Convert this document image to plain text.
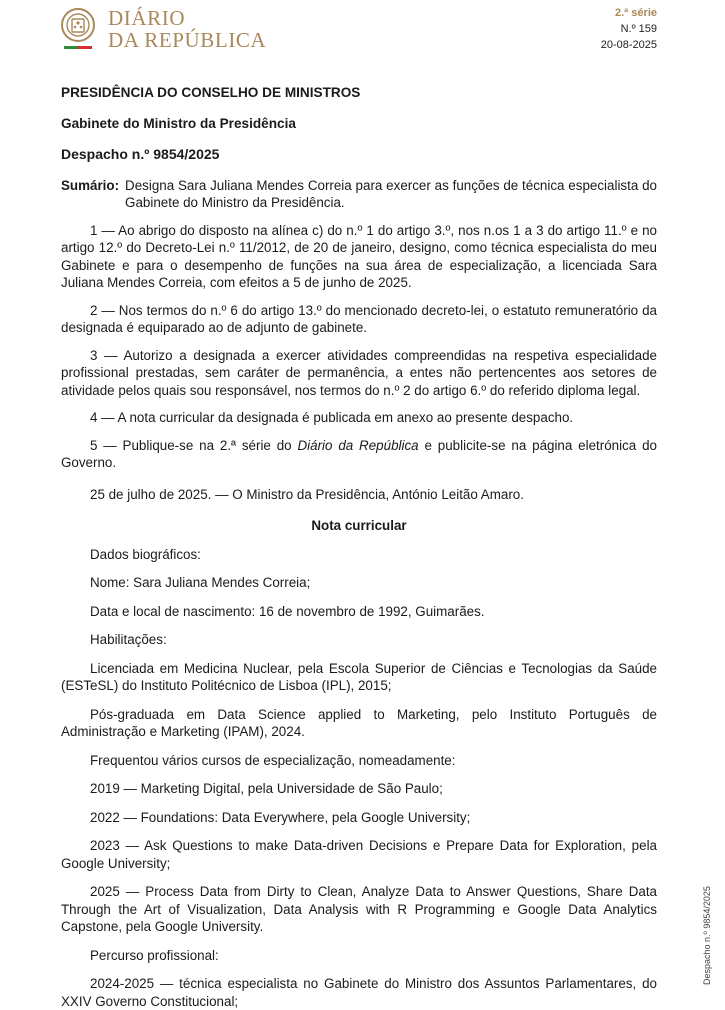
DIÁRIO
DA REPÚBLICA
2.ª série
N.º 159
20-08-2025
PRESIDÊNCIA DO CONSELHO DE MINISTROS
Gabinete do Ministro da Presidência
Despacho n.º 9854/2025
Sumário: Designa Sara Juliana Mendes Correia para exercer as funções de técnica especialista do Gabinete do Ministro da Presidência.

1 — Ao abrigo do disposto na alínea c) do n.º 1 do artigo 3.º, nos n.os 1 a 3 do artigo 11.º e no artigo 12.º do Decreto-Lei n.º 11/2012, de 20 de janeiro, designo, como técnica especialista do meu Gabinete e para o desempenho de funções na sua área de especialização, a licenciada Sara Juliana Mendes Correia, com efeitos a 5 de junho de 2025.

2 — Nos termos do n.º 6 do artigo 13.º do mencionado decreto-lei, o estatuto remuneratório da designada é equiparado ao de adjunto de gabinete.

3 — Autorizo a designada a exercer atividades compreendidas na respetiva especialidade profissional prestadas, sem caráter de permanência, a entes não pertencentes aos setores de atividade pelos quais sou responsável, nos termos do n.º 2 do artigo 6.º do referido diploma legal.

4 — A nota curricular da designada é publicada em anexo ao presente despacho.

5 — Publique-se na 2.ª série do Diário da República e publicite-se na página eletrónica do Governo.

25 de julho de 2025. — O Ministro da Presidência, António Leitão Amaro.

Nota curricular

Dados biográficos:

Nome: Sara Juliana Mendes Correia;

Data e local de nascimento: 16 de novembro de 1992, Guimarães.

Habilitações:

Licenciada em Medicina Nuclear, pela Escola Superior de Ciências e Tecnologias da Saúde (ESTeSL) do Instituto Politécnico de Lisboa (IPL), 2015;

Pós-graduada em Data Science applied to Marketing, pelo Instituto Português de Administração e Marketing (IPAM), 2024.

Frequentou vários cursos de especialização, nomeadamente:

2019 — Marketing Digital, pela Universidade de São Paulo;

2022 — Foundations: Data Everywhere, pela Google University;

2023 — Ask Questions to make Data-driven Decisions e Prepare Data for Exploration, pela Google University;

2025 — Process Data from Dirty to Clean, Analyze Data to Answer Questions, Share Data Through the Art of Visualization, Data Analysis with R Programming e Google Data Analytics Capstone, pela Google University.

Percurso profissional:

2024-2025 — técnica especialista no Gabinete do Ministro dos Assuntos Parlamentares, do XXIV Governo Constitucional;

Despacho n.º 9854/2025
